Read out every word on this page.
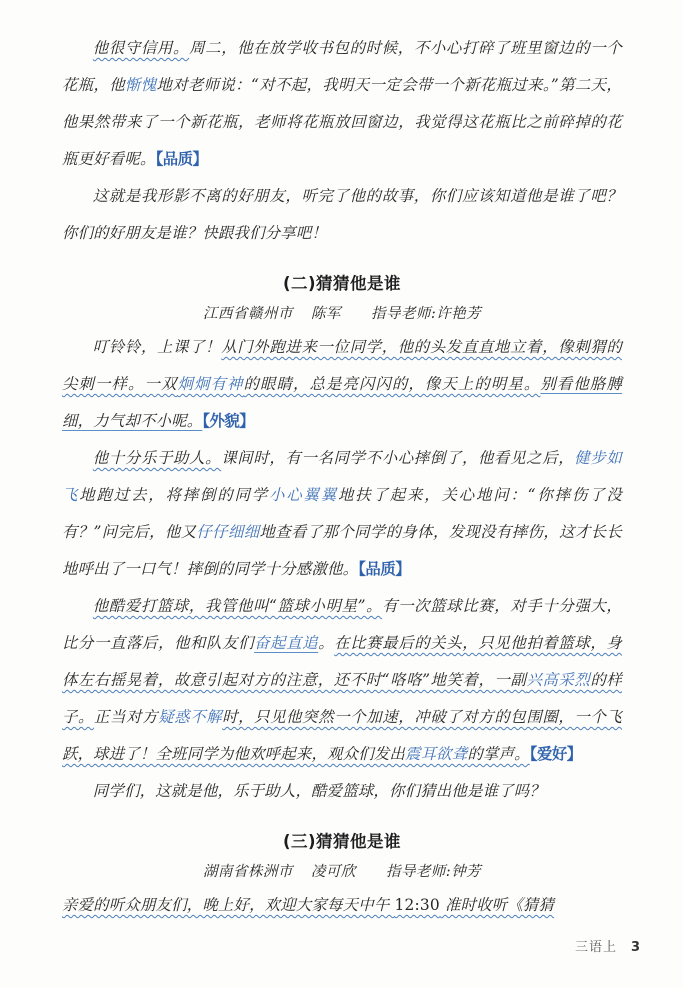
他很守信用。周二，他在放学收书包的时候，不小心打碎了班里窗边的一个花瓶，他惭愧地对老师说：“对不起，我明天一定会带一个新花瓶过来。”第二天，他果然带来了一个新花瓶，老师将花瓶放回窗边，我觉得这花瓶比之前碎掉的花瓶更好看呢。【品质】

这就是我形影不离的好朋友，听完了他的故事，你们应该知道他是谁了吧？你们的好朋友是谁？快跟我们分享吧！

(二)猜猜他是谁

江西省赣州市 陈军 指导老师:许艳芳

叮铃铃，上课了！从门外跑进来一位同学，他的头发直直地立着，像刺猬的尖刺一样。一双炯炯有神的眼睛，总是亮闪闪的，像天上的明星。别看他胳膊细，力气却不小呢。【外貌】

他十分乐于助人。课间时，有一名同学不小心摔倒了，他看见之后，健步如飞地跑过去，将摔倒的同学小心翼翼地扶了起来，关心地问：“你摔伤了没有？”问完后，他又仔仔细细地查看了那个同学的身体，发现没有摔伤，这才长长地呼出了一口气！摔倒的同学十分感激他。【品质】

他酷爱打篮球，我管他叫“篮球小明星”。有一次篮球比赛，对手十分强大，比分一直落后，他和队友们奋起直追。在比赛最后的关头，只见他拍着篮球，身体左右摇晃着，故意引起对方的注意，还不时“咯咯”地笑着，一副兴高采烈的样子。正当对方疑惑不解时，只见他突然一个加速，冲破了对方的包围圈，一个飞跃，球进了！全班同学为他欢呼起来，观众们发出震耳欲聋的掌声。【爱好】

同学们，这就是他，乐于助人，酷爱篮球，你们猜出他是谁了吗？

(三)猜猜他是谁

湖南省株洲市 凌可欣 指导老师:钟芳

亲爱的听众朋友们，晚上好，欢迎大家每天中午 12:30 准时收听《猜猜

三语上 3
